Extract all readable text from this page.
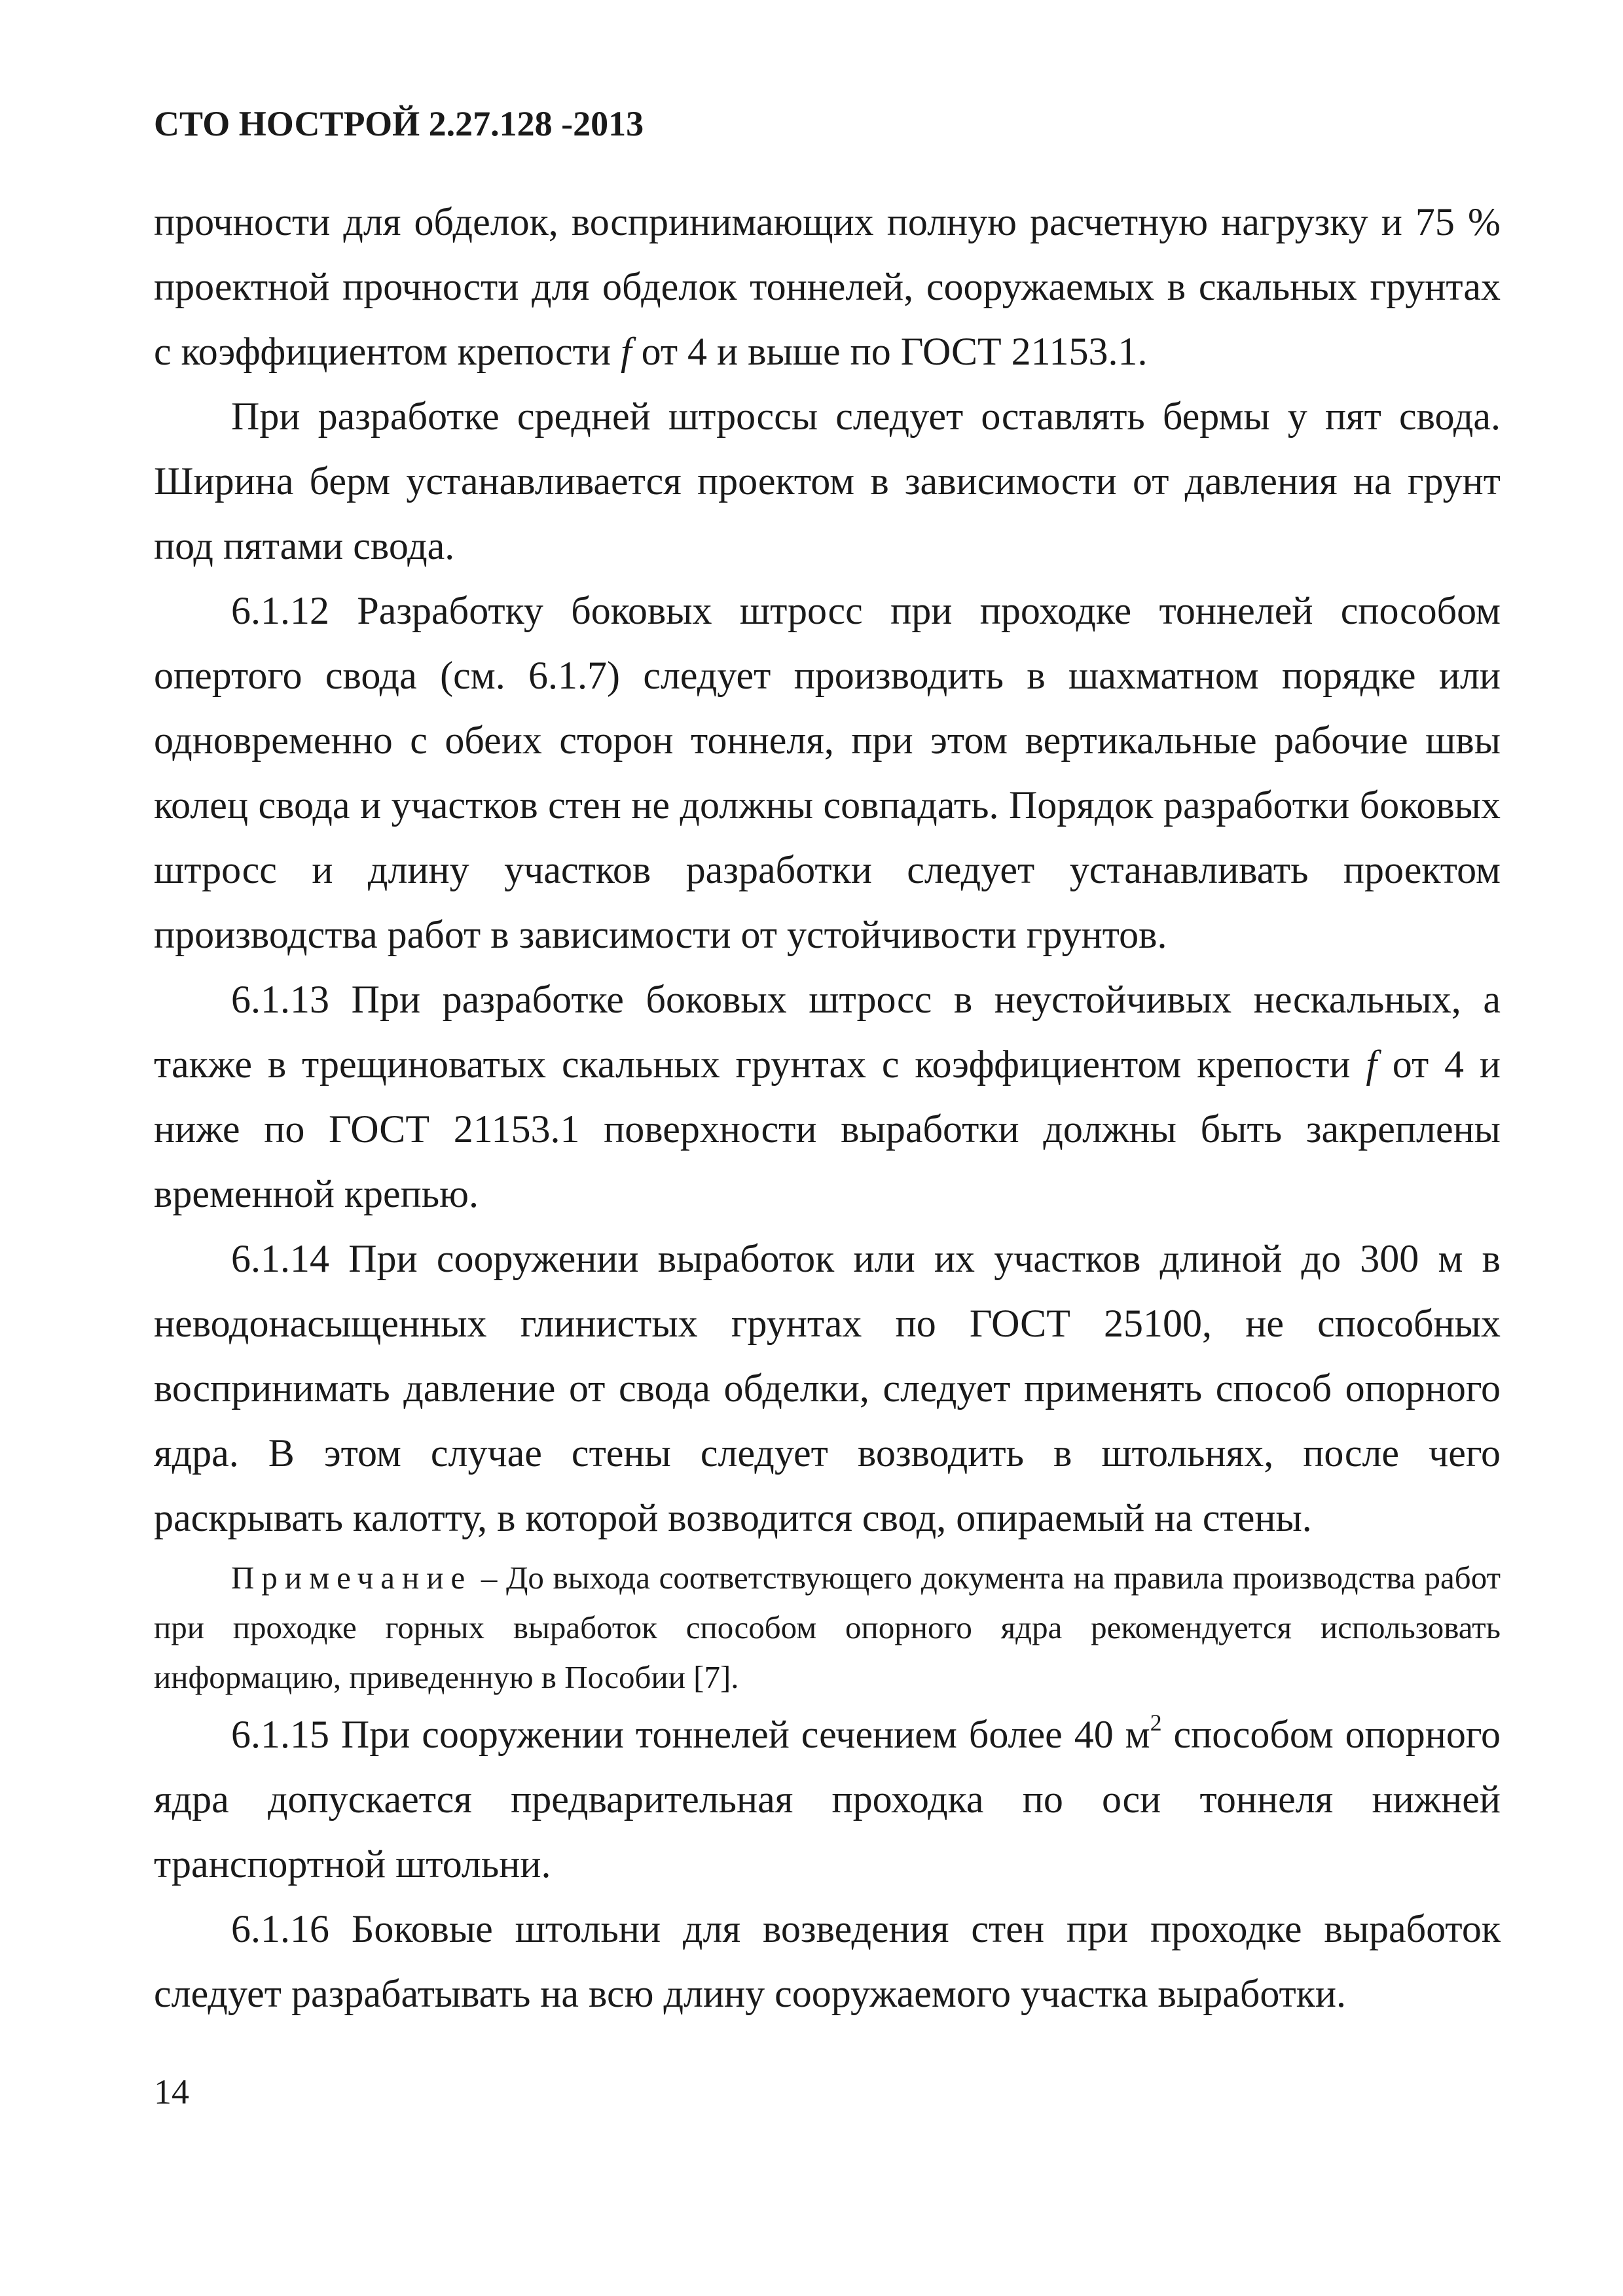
СТО НОСТРОЙ 2.27.128 -2013

прочности для обделок, воспринимающих полную расчетную нагрузку и 75 % проектной прочности для обделок тоннелей, сооружаемых в скальных грунтах с коэффициентом крепости f от 4 и выше по ГОСТ 21153.1.

При разработке средней штроссы следует оставлять бермы у пят свода. Ширина берм устанавливается проектом в зависимости от давления на грунт под пятами свода.

6.1.12 Разработку боковых штросс при проходке тоннелей способом опертого свода (см. 6.1.7) следует производить в шахматном порядке или одновременно с обеих сторон тоннеля, при этом вертикальные рабочие швы колец свода и участков стен не должны совпадать. Порядок разработки боковых штросс и длину участков разработки следует устанавливать проектом производства работ в зависимости от устойчивости грунтов.

6.1.13 При разработке боковых штросс в неустойчивых нескальных, а также в трещиноватых скальных грунтах с коэффициентом крепости f от 4 и ниже по ГОСТ 21153.1 поверхности выработки должны быть закреплены временной крепью.

6.1.14 При сооружении выработок или их участков длиной до 300 м в неводонасыщенных глинистых грунтах по ГОСТ 25100, не способных воспринимать давление от свода обделки, следует применять способ опорного ядра. В этом случае стены следует возводить в штольнях, после чего раскрывать калотту, в которой возводится свод, опираемый на стены.

Примечание – До выхода соответствующего документа на правила производства работ при проходке горных выработок способом опорного ядра рекомендуется использовать информацию, приведенную в Пособии [7].

6.1.15 При сооружении тоннелей сечением более 40 $м^2$ способом опорного ядра допускается предварительная проходка по оси тоннеля нижней транспортной штольни.

6.1.16 Боковые штольни для возведения стен при проходке выработок следует разрабатывать на всю длину сооружаемого участка выработки.

14
